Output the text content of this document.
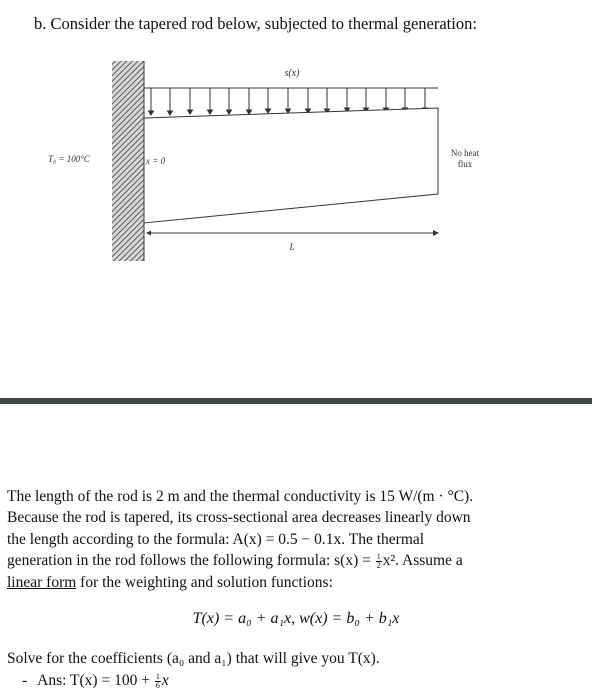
b. Consider the tapered rod below, subjected to thermal generation:
s(x)
T₀ = 100°C	x = 0
No heat
flux
L

The length of the rod is 2 m and the thermal conductivity is 15 W/(m · °C).

Because the rod is tapered, its cross-sectional area decreases linearly down

the length according to the formula: A(x) = 0.5 − 0.1x. The thermal

generation in the rod follows the following formula: $s(x) = \frac{1}{2} x^2$. Assume a

linear form for the weighting and solution functions:

T(x) = a₀ + a₁x, w(x) = b₀ + b₁x
Solve for the coefficients (a₀ and a₁) that will give you T(x).
- Ans: $T(x) = 100 + \frac{1}{6}$ x
